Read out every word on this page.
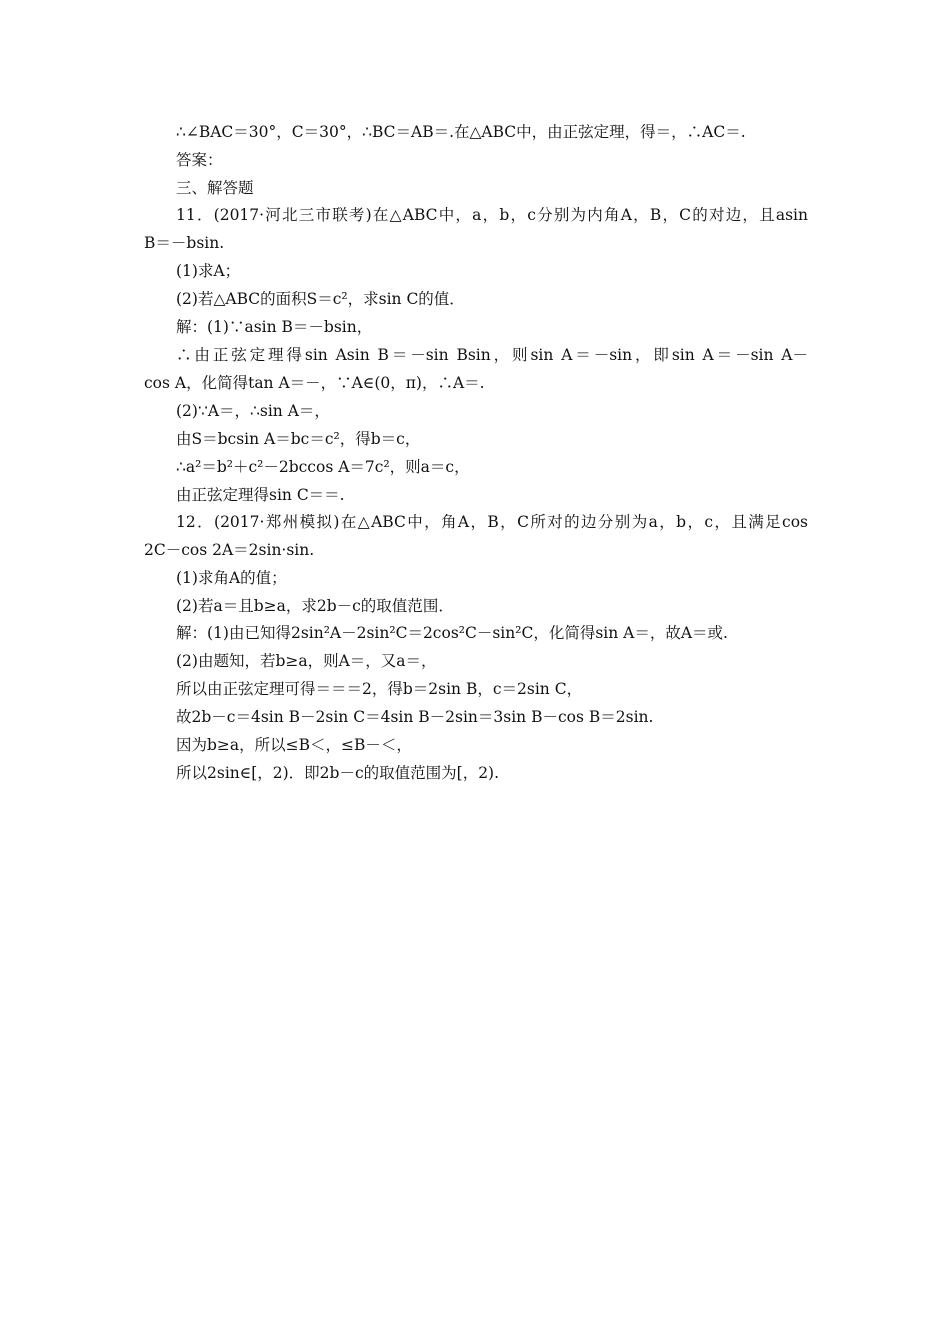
∴∠BAC＝30°，C＝30°，∴BC＝AB＝.在△ABC中，由正弦定理，得＝，∴AC＝.
答案：
三、解答题
11．(2017·河北三市联考)在△ABC中，a，b，c分别为内角A，B，C的对边，且asin
B＝－bsin.
(1)求A；
(2)若△ABC的面积S＝c²，求sin C的值．
解：(1)∵asin B＝－bsin，
∴由正弦定理得sin Asin B＝－sin Bsin，则sin A＝－sin，即sin A＝－sin A－
cos A，化简得tan A＝－，∵A∈(0，π)，∴A＝.
(2)∵A＝，∴sin A＝，
由S＝bcsin A＝bc＝c²，得b＝c，
∴a²＝b²＋c²－2bccos A＝7c²，则a＝c，
由正弦定理得sin C＝＝.
12．(2017·郑州模拟)在△ABC中，角A，B，C所对的边分别为a，b，c，且满足cos
2C－cos 2A＝2sin·sin.
(1)求角A的值；
(2)若a＝且b≥a，求2b－c的取值范围．
解：(1)由已知得2sin²A－2sin²C＝2cos²C－sin²C，化简得sin A＝，故A＝或.
(2)由题知，若b≥a，则A＝，又a＝，
所以由正弦定理可得＝＝＝2，得b＝2sin B，c＝2sin C，
故2b－c＝4sin B－2sin C＝4sin B－2sin＝3sin B－cos B＝2sin.
因为b≥a，所以≤B＜，≤B－＜，
所以2sin∈[，2)．即2b－c的取值范围为[，2).
